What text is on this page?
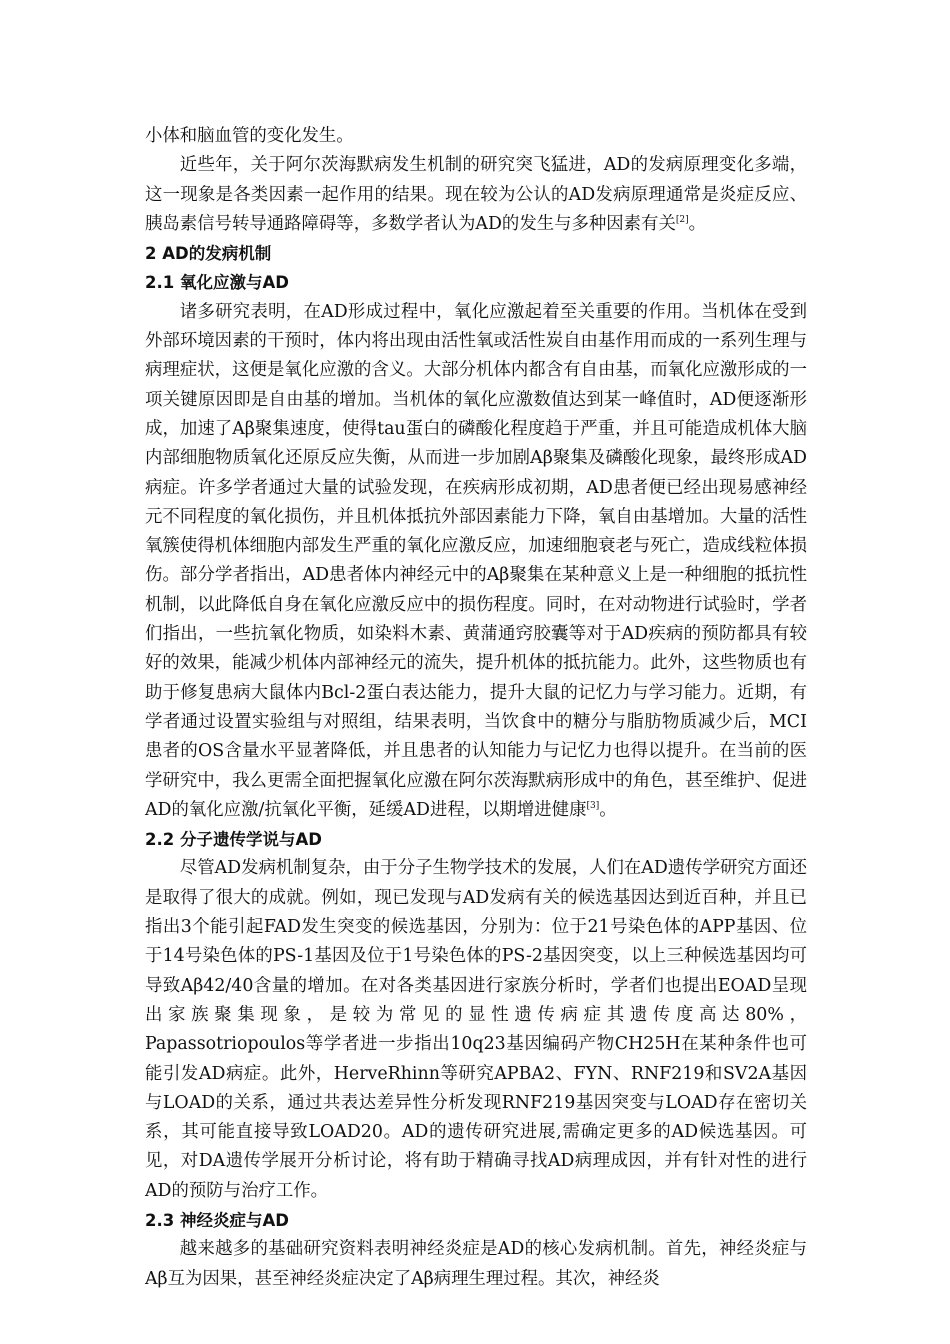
小体和脑血管的变化发生。

近些年，关于阿尔茨海默病发生机制的研究突飞猛进，AD的发病原理变化多端，这一现象是各类因素一起作用的结果。现在较为公认的AD发病原理通常是炎症反应、胰岛素信号转导通路障碍等，多数学者认为AD的发生与多种因素有关[2]。

2 AD的发病机制

2.1 氧化应激与AD

诸多研究表明，在AD形成过程中，氧化应激起着至关重要的作用。当机体在受到外部环境因素的干预时，体内将出现由活性氧或活性炭自由基作用而成的一系列生理与病理症状，这便是氧化应激的含义。大部分机体内都含有自由基，而氧化应激形成的一项关键原因即是自由基的增加。当机体的氧化应激数值达到某一峰值时，AD便逐渐形成，加速了Aβ聚集速度，使得tau蛋白的磷酸化程度趋于严重，并且可能造成机体大脑内部细胞物质氧化还原反应失衡，从而进一步加剧Aβ聚集及磷酸化现象，最终形成AD病症。许多学者通过大量的试验发现，在疾病形成初期，AD患者便已经出现易感神经元不同程度的氧化损伤，并且机体抵抗外部因素能力下降，氧自由基增加。大量的活性氧簇使得机体细胞内部发生严重的氧化应激反应，加速细胞衰老与死亡，造成线粒体损伤。部分学者指出，AD患者体内神经元中的Aβ聚集在某种意义上是一种细胞的抵抗性机制，以此降低自身在氧化应激反应中的损伤程度。同时，在对动物进行试验时，学者们指出，一些抗氧化物质，如染料木素、黄蒲通窍胶囊等对于AD疾病的预防都具有较好的效果，能减少机体内部神经元的流失，提升机体的抵抗能力。此外，这些物质也有助于修复患病大鼠体内Bcl-2蛋白表达能力，提升大鼠的记忆力与学习能力。近期，有学者通过设置实验组与对照组，结果表明，当饮食中的糖分与脂肪物质减少后，MCI患者的OS含量水平显著降低，并且患者的认知能力与记忆力也得以提升。在当前的医学研究中，我么更需全面把握氧化应激在阿尔茨海默病形成中的角色，甚至维护、促进AD的氧化应激/抗氧化平衡，延缓AD进程，以期增进健康[3]。

2.2 分子遗传学说与AD

尽管AD发病机制复杂，由于分子生物学技术的发展，人们在AD遗传学研究方面还是取得了很大的成就。例如，现已发现与AD发病有关的候选基因达到近百种，并且已指出3个能引起FAD发生突变的候选基因，分别为：位于21号染色体的APP基因、位于14号染色体的PS-1基因及位于1号染色体的PS-2基因突变，以上三种候选基因均可导致Aβ42/40含量的增加。在对各类基因进行家族分析时，学者们也提出EOAD呈现出家族聚集现象，是较为常见的显性遗传病症其遗传度高达80%，Papassotriopoulos等学者进一步指出10q23基因编码产物CH25H在某种条件也可能引发AD病症。此外，HerveRhinn等研究APBA2、FYN、RNF219和SV2A基因与LOAD的关系，通过共表达差异性分析发现RNF219基因突变与LOAD存在密切关系，其可能直接导致LOAD20。AD的遗传研究进展,需确定更多的AD候选基因。可见，对DA遗传学展开分析讨论，将有助于精确寻找AD病理成因，并有针对性的进行AD的预防与治疗工作。

2.3 神经炎症与AD

越来越多的基础研究资料表明神经炎症是AD的核心发病机制。首先，神经炎症与Aβ互为因果，甚至神经炎症决定了Aβ病理生理过程。其次，神经炎
